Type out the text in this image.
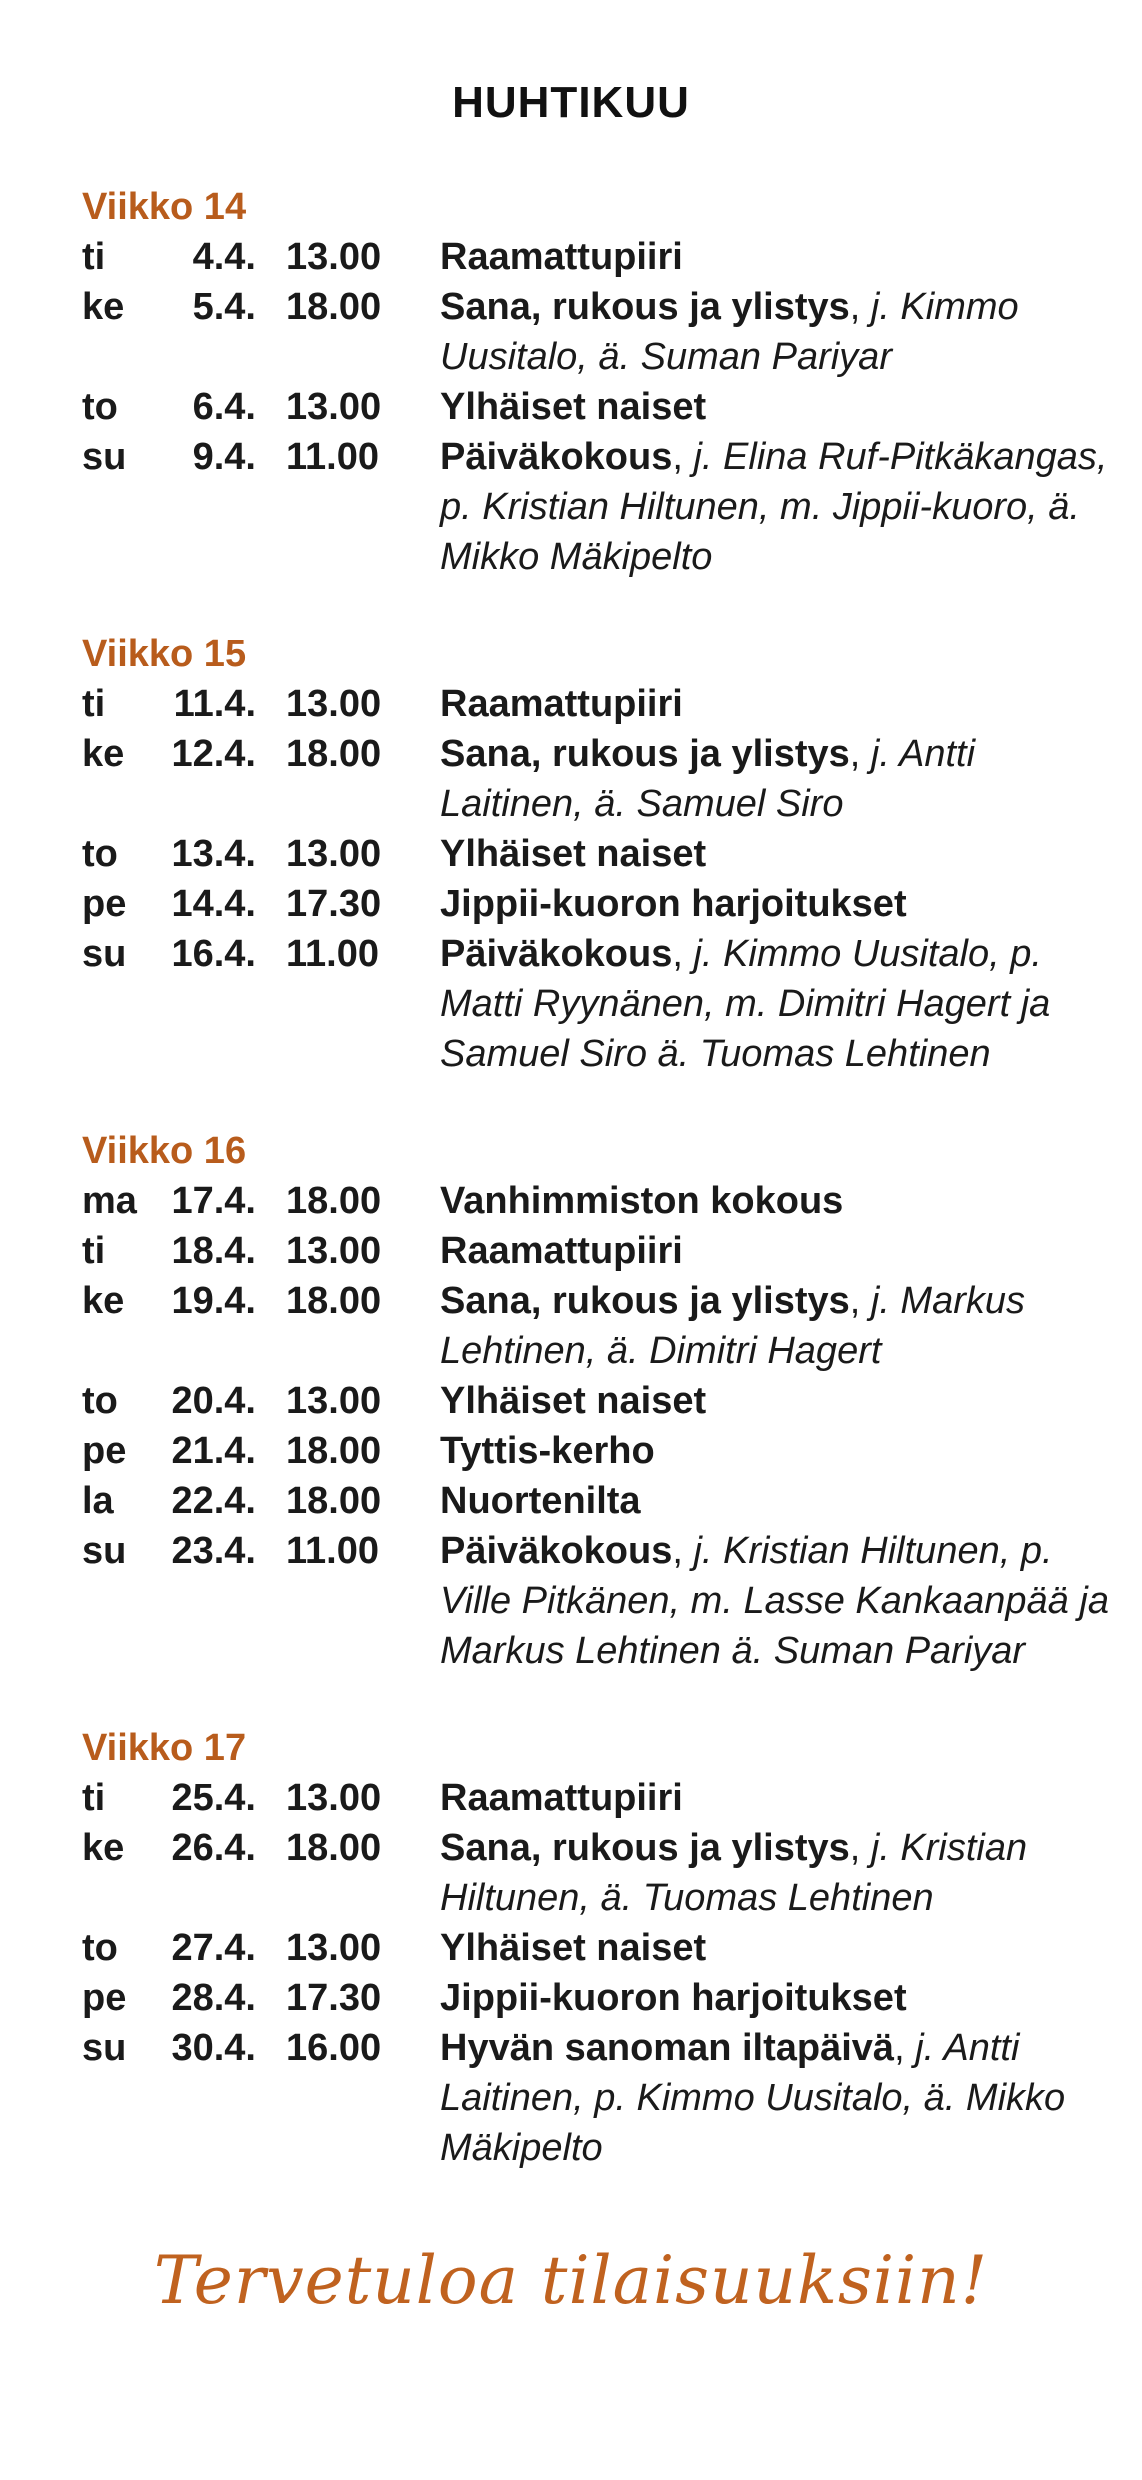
HUHTIKUU
Viikko 14
ti	4.4. 13.00	Raamattupiiri
ke	5.4. 18.00	Sana, rukous ja ylistys, j. Kimmo Uusitalo, ä. Suman Pariyar
to	6.4. 13.00	Ylhäiset naiset
su	9.4. 11.00	Päiväkokous, j. Elina Ruf-Pitkäkangas, p. Kristian Hiltunen, m. Jippii-kuoro, ä. Mikko Mäkipelto
Viikko 15
ti	11.4. 13.00	Raamattupiiri
ke	12.4. 18.00	Sana, rukous ja ylistys, j. Antti Laitinen, ä. Samuel Siro
to	13.4. 13.00	Ylhäiset naiset
pe	14.4. 17.30	Jippii-kuoron harjoitukset
su	16.4. 11.00	Päiväkokous, j. Kimmo Uusitalo, p. Matti Ryynänen, m. Dimitri Hagert ja Samuel Siro ä. Tuomas Lehtinen
Viikko 16
ma 17.4. 18.00	Vanhimmiston kokous
ti	18.4. 13.00	Raamattupiiri
ke	19.4. 18.00	Sana, rukous ja ylistys, j. Markus Lehtinen, ä. Dimitri Hagert
to	20.4. 13.00	Ylhäiset naiset
pe	21.4. 18.00	Tyttis-kerho
la	22.4. 18.00	Nuortenilta
su	23.4. 11.00	Päiväkokous, j. Kristian Hiltunen, p. Ville Pitkänen, m. Lasse Kankaanpää ja Markus Lehtinen ä. Suman Pariyar
Viikko 17
ti	25.4. 13.00	Raamattupiiri
ke	26.4. 18.00	Sana, rukous ja ylistys, j. Kristian Hiltunen, ä. Tuomas Lehtinen
to	27.4. 13.00	Ylhäiset naiset
pe	28.4. 17.30	Jippii-kuoron harjoitukset
su	30.4. 16.00	Hyvän sanoman iltapäivä, j. Antti Laitinen, p. Kimmo Uusitalo, ä. Mikko Mäkipelto
Tervetuloa tilaisuuksiin!
